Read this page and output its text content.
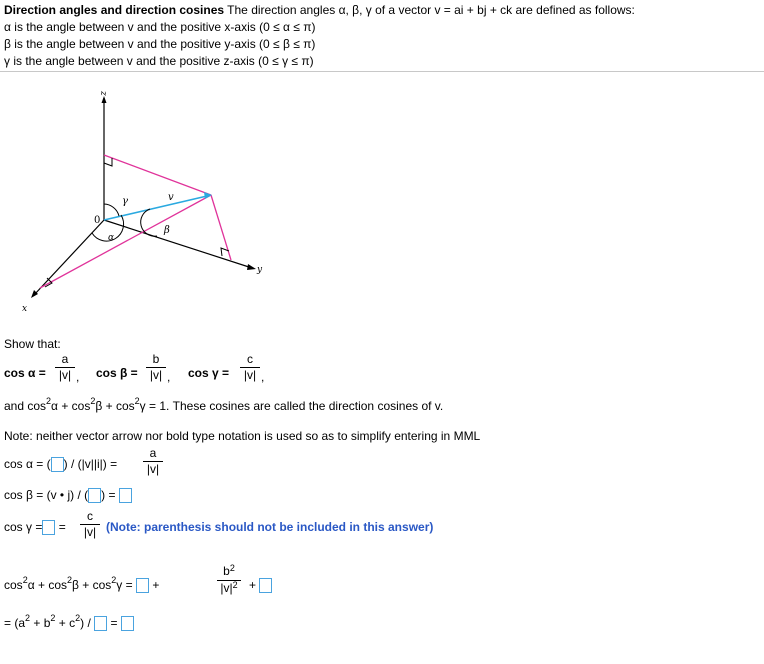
Direction angles and direction cosines The direction angles α, β, γ of a vector v = ai + bj + ck are defined as follows:
α is the angle between v and the positive x-axis (0 ≤ α ≤ π)
β is the angle between v and the positive y-axis (0 ≤ β ≤ π)
γ is the angle between v and the positive z-axis (0 ≤ γ ≤ π)
z
x
y
0
v
γ
α
β
Show that:
$\cos \alpha = \frac{a}{|v|}$ , $\cos \beta = \frac{b}{|v|}$ , $\cos \gamma = \frac{c}{|v|}$ ,
and $\cos^2\alpha + \cos^2\beta + \cos^2\gamma = 1$. These cosines are called the direction cosines of v.
Note: neither vector arrow nor bold type notation is used so as to simplify entering in MML
cos α = ( ) / $(|v||i|) = \frac{a}{|v|}$
cos β = (v • j) / ( ) =
cos γ = = $\frac{c}{|v|}$ (Note: parenthesis should not be included in this answer)
$\cos^2\alpha + \cos^2\beta + \cos^2\gamma$ = +	$\frac{b^2}{|v|^2}$ +
= $(a^2 + b^2 + c^2)$ / =
